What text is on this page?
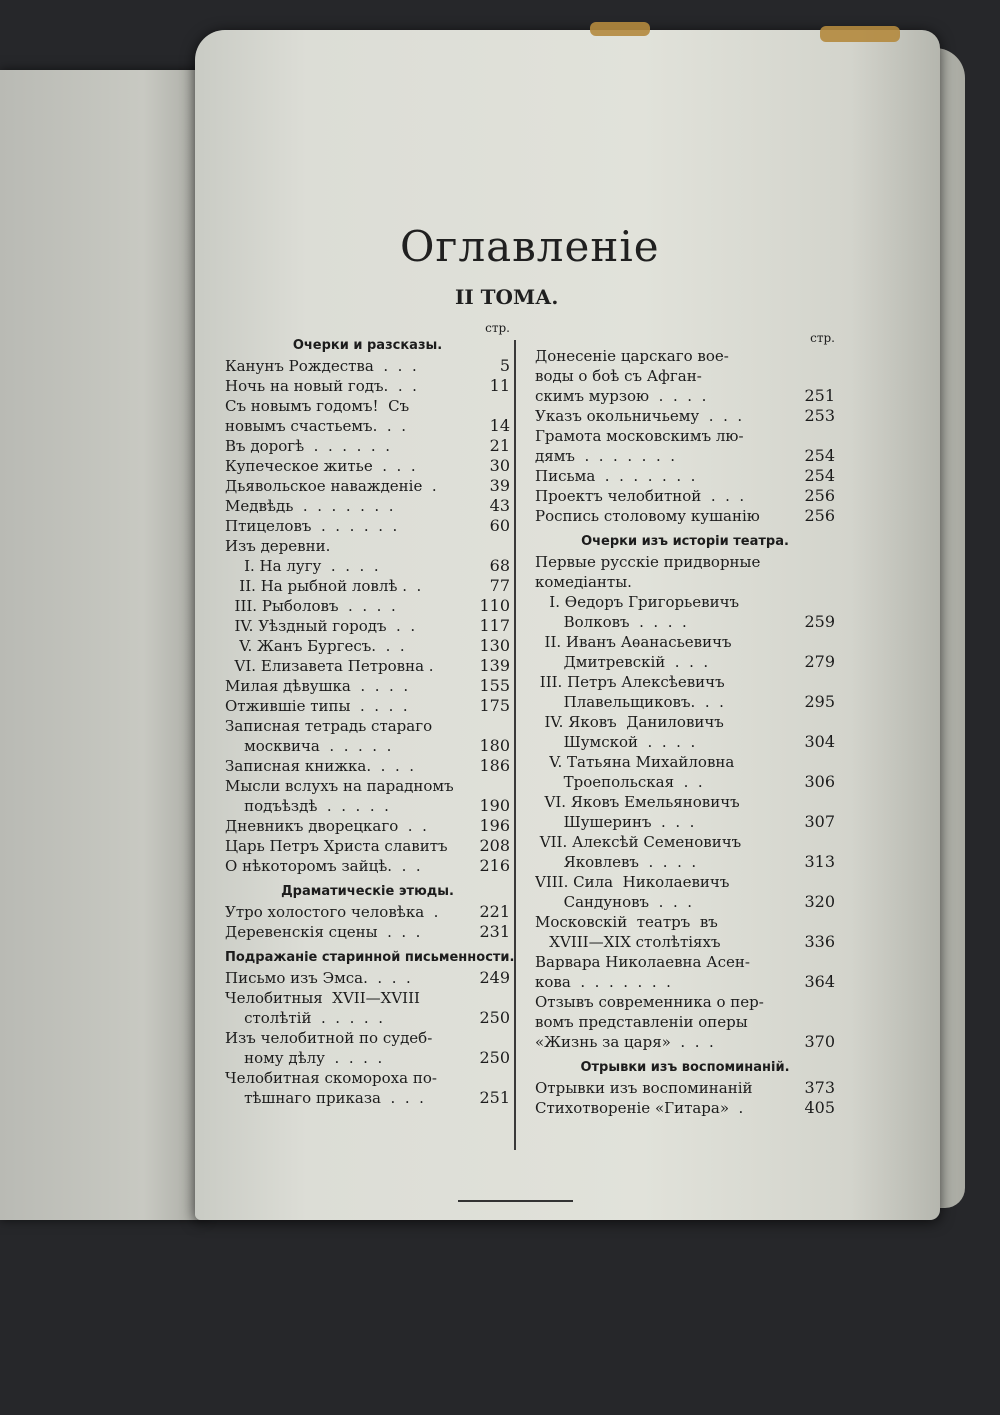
Оглавленіе
II ТОМА.
стр.
Очерки и разсказы.
Канунъ Рождества  .  .  .	5
Ночь на новый годъ.  .  .	11
Съ новымъ годомъ!  Съ
новымъ счастьемъ.  .  .	14
Въ дорогѣ  .  .  .  .  .  .	21
Купеческое житье  .  .  .	30
Дьявольское наважденіе  .	39
Медвѣдь  .  .  .  .  .  .  .	43
Птицеловъ  .  .  .  .  .  .	60
Изъ деревни.
I. На лугу  .  .  .  .	68
II. На рыбной ловлѣ .  .	77
III. Рыболовъ  .  .  .  .	110
IV. Уѣздный городъ  .  .	117
V. Жанъ Бургесъ.  .  .	130
VI. Елизавета Петровна .	139
Милая дѣвушка  .  .  .  .	155
Отжившіе типы  .  .  .  .	175
Записная тетрадь стараго
москвича  .  .  .  .  .	180
Записная книжка.  .  .  .	186
Мысли вслухъ на парадномъ
подъѣздѣ  .  .  .  .  .	190
Дневникъ дворецкаго  .  .	196
Царь Петръ Христа славитъ	208
О нѣкоторомъ зайцѣ.  .  .	216
Драматическіе этюды.
Утро холостого человѣка  .	221
Деревенскія сцены  .  .  .	231
Подражаніе старинной письменности.
Письмо изъ Эмса.  .  .  .	249
Челобитныя  XVII—XVIII
столѣтій  .  .  .  .  .	250
Изъ челобитной по судеб-
ному дѣлу  .  .  .  .	250
Челобитная скомороха по-
тѣшнаго приказа  .  .  .	251
стр.
Донесеніе царскаго вое-
воды о боѣ съ Афган-
скимъ мурзою  .  .  .  .	251
Указъ окольничьему  .  .  .	253
Грамота московскимъ лю-
дямъ  .  .  .  .  .  .  .	254
Письма  .  .  .  .  .  .  .	254
Проектъ челобитной  .  .  .	256
Роспись столовому кушанію	256
Очерки изъ исторіи театра.
Первые русскіе придворные
комедіанты.
I. Ѳедоръ Григорьевичъ
Волковъ  .  .  .  .	259
II. Иванъ Аѳанасьевичъ
Дмитревскій  .  .  .	279
III. Петръ Алексѣевичъ
Плавельщиковъ.  .  .	295
IV. Яковъ  Даниловичъ
Шумской  .  .  .  .	304
V. Татьяна Михайловна
Троепольская  .  .	306
VI. Яковъ Емельяновичъ
Шушеринъ  .  .  .	307
VII. Алексѣй Семеновичъ
Яковлевъ  .  .  .  .	313
VIII. Сила  Николаевичъ
Сандуновъ  .  .  .	320
Московскій  театръ  въ
XVIII—XIX столѣтіяхъ	336
Варвара Николаевна Асен-
кова  .  .  .  .  .  .  .	364
Отзывъ современника о пер-
вомъ представленіи оперы
«Жизнь за царя»  .  .  .	370
Отрывки изъ воспоминаній.
Отрывки изъ воспоминаній	373
Стихотвореніе «Гитара»  .	405
